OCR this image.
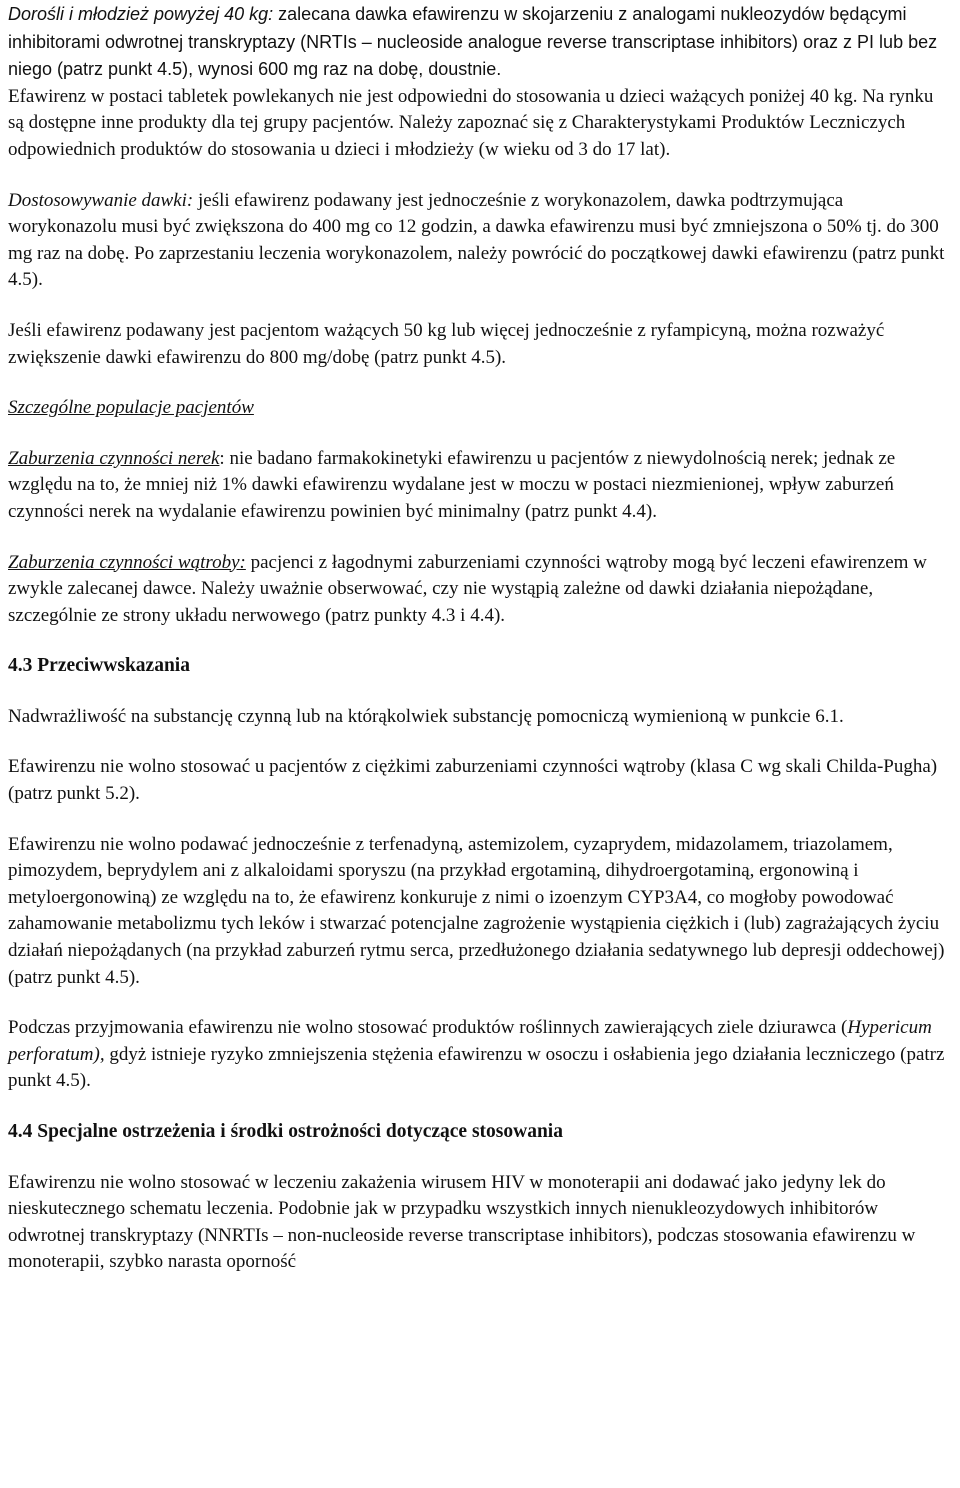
Dorośli i młodzież powyżej 40 kg: zalecana dawka efawirenzu w skojarzeniu z analogami nukleozydów będącymi inhibitorami odwrotnej transkryptazy (NRTIs – nucleoside analogue reverse transcriptase inhibitors) oraz z PI lub bez niego (patrz punkt 4.5), wynosi 600 mg raz na dobę, doustnie.

Efawirenz w postaci tabletek powlekanych nie jest odpowiedni do stosowania u dzieci ważących poniżej 40 kg. Na rynku są dostępne inne produkty dla tej grupy pacjentów. Należy zapoznać się z Charakterystykami Produktów Leczniczych odpowiednich produktów do stosowania u dzieci i młodzieży (w wieku od 3 do 17 lat).

Dostosowywanie dawki: jeśli efawirenz podawany jest jednocześnie z worykonazolem, dawka podtrzymująca worykonazolu musi być zwiększona do 400 mg co 12 godzin, a dawka efawirenzu musi być zmniejszona o 50% tj. do 300 mg raz na dobę. Po zaprzestaniu leczenia worykonazolem, należy powrócić do początkowej dawki efawirenzu (patrz punkt 4.5).

Jeśli efawirenz podawany jest pacjentom ważących 50 kg lub więcej jednocześnie z ryfampicyną, można rozważyć zwiększenie dawki efawirenzu do 800 mg/dobę (patrz punkt 4.5).

Szczególne populacje pacjentów

Zaburzenia czynności nerek: nie badano farmakokinetyki efawirenzu u pacjentów z niewydolnością nerek; jednak ze względu na to, że mniej niż 1% dawki efawirenzu wydalane jest w moczu w postaci niezmienionej, wpływ zaburzeń czynności nerek na wydalanie efawirenzu powinien być minimalny (patrz punkt 4.4).

Zaburzenia czynności wątroby: pacjenci z łagodnymi zaburzeniami czynności wątroby mogą być leczeni efawirenzem w zwykle zalecanej dawce. Należy uważnie obserwować, czy nie wystąpią zależne od dawki działania niepożądane, szczególnie ze strony układu nerwowego (patrz punkty 4.3 i 4.4).

4.3 Przeciwwskazania

Nadwrażliwość na substancję czynną lub na którąkolwiek substancję pomocniczą wymienioną w punkcie 6.1.

Efawirenzu nie wolno stosować u pacjentów z ciężkimi zaburzeniami czynności wątroby (klasa C wg skali Childa-Pugha) (patrz punkt 5.2).

Efawirenzu nie wolno podawać jednocześnie z terfenadyną, astemizolem, cyzaprydem, midazolamem, triazolamem, pimozydem, beprydylem ani z alkaloidami sporyszu (na przykład ergotaminą, dihydroergotaminą, ergonowiną i metyloergonowiną) ze względu na to, że efawirenz konkuruje z nimi o izoenzym CYP3A4, co mogłoby powodować zahamowanie metabolizmu tych leków i stwarzać potencjalne zagrożenie wystąpienia ciężkich i (lub) zagrażających życiu działań niepożądanych (na przykład zaburzeń rytmu serca, przedłużonego działania sedatywnego lub depresji oddechowej) (patrz punkt 4.5).

Podczas przyjmowania efawirenzu nie wolno stosować produktów roślinnych zawierających ziele dziurawca (Hypericum perforatum), gdyż istnieje ryzyko zmniejszenia stężenia efawirenzu w osoczu i osłabienia jego działania leczniczego (patrz punkt 4.5).

4.4 Specjalne ostrzeżenia i środki ostrożności dotyczące stosowania

Efawirenzu nie wolno stosować w leczeniu zakażenia wirusem HIV w monoterapii ani dodawać jako jedyny lek do nieskutecznego schematu leczenia. Podobnie jak w przypadku wszystkich innych nienukleozydowych inhibitorów odwrotnej transkryptazy (NNRTIs – non-nucleoside reverse transcriptase inhibitors), podczas stosowania efawirenzu w monoterapii, szybko narasta oporność
